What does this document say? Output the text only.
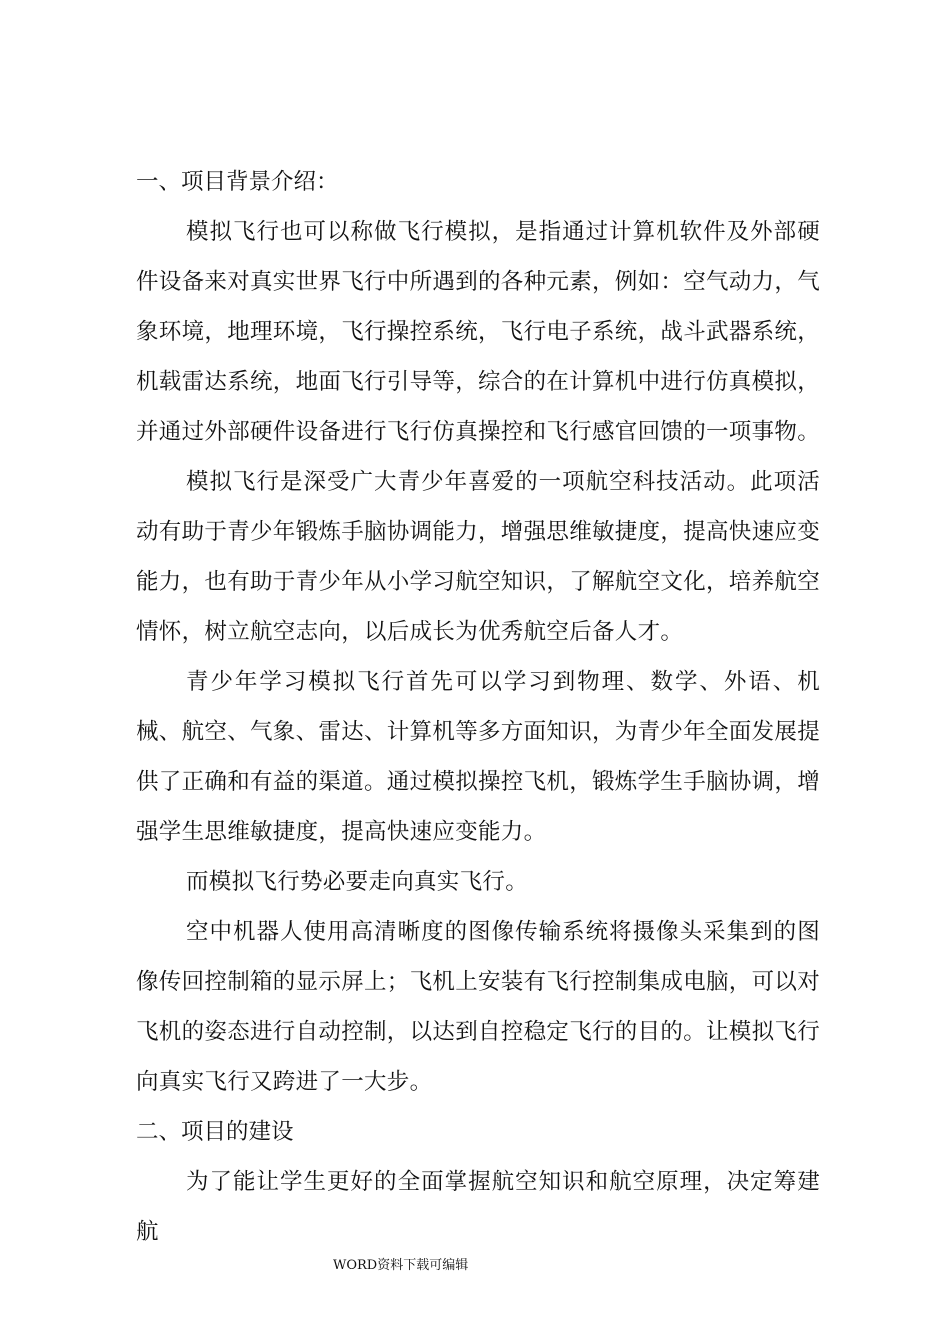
一、项目背景介绍：

模拟飞行也可以称做飞行模拟，是指通过计算机软件及外部硬件设备来对真实世界飞行中所遇到的各种元素，例如：空气动力，气象环境，地理环境，飞行操控系统，飞行电子系统，战斗武器系统，机载雷达系统，地面飞行引导等，综合的在计算机中进行仿真模拟，并通过外部硬件设备进行飞行仿真操控和飞行感官回馈的一项事物。

模拟飞行是深受广大青少年喜爱的一项航空科技活动。此项活动有助于青少年锻炼手脑协调能力，增强思维敏捷度，提高快速应变能力，也有助于青少年从小学习航空知识，了解航空文化，培养航空情怀，树立航空志向，以后成长为优秀航空后备人才。

青少年学习模拟飞行首先可以学习到物理、数学、外语、机械、航空、气象、雷达、计算机等多方面知识，为青少年全面发展提供了正确和有益的渠道。通过模拟操控飞机，锻炼学生手脑协调，增强学生思维敏捷度，提高快速应变能力。

而模拟飞行势必要走向真实飞行。

空中机器人使用高清晰度的图像传输系统将摄像头采集到的图像传回控制箱的显示屏上；飞机上安装有飞行控制集成电脑，可以对飞机的姿态进行自动控制，以达到自控稳定飞行的目的。让模拟飞行向真实飞行又跨进了一大步。

二、项目的建设

为了能让学生更好的全面掌握航空知识和航空原理，决定筹建航

WORD资料下载可编辑
